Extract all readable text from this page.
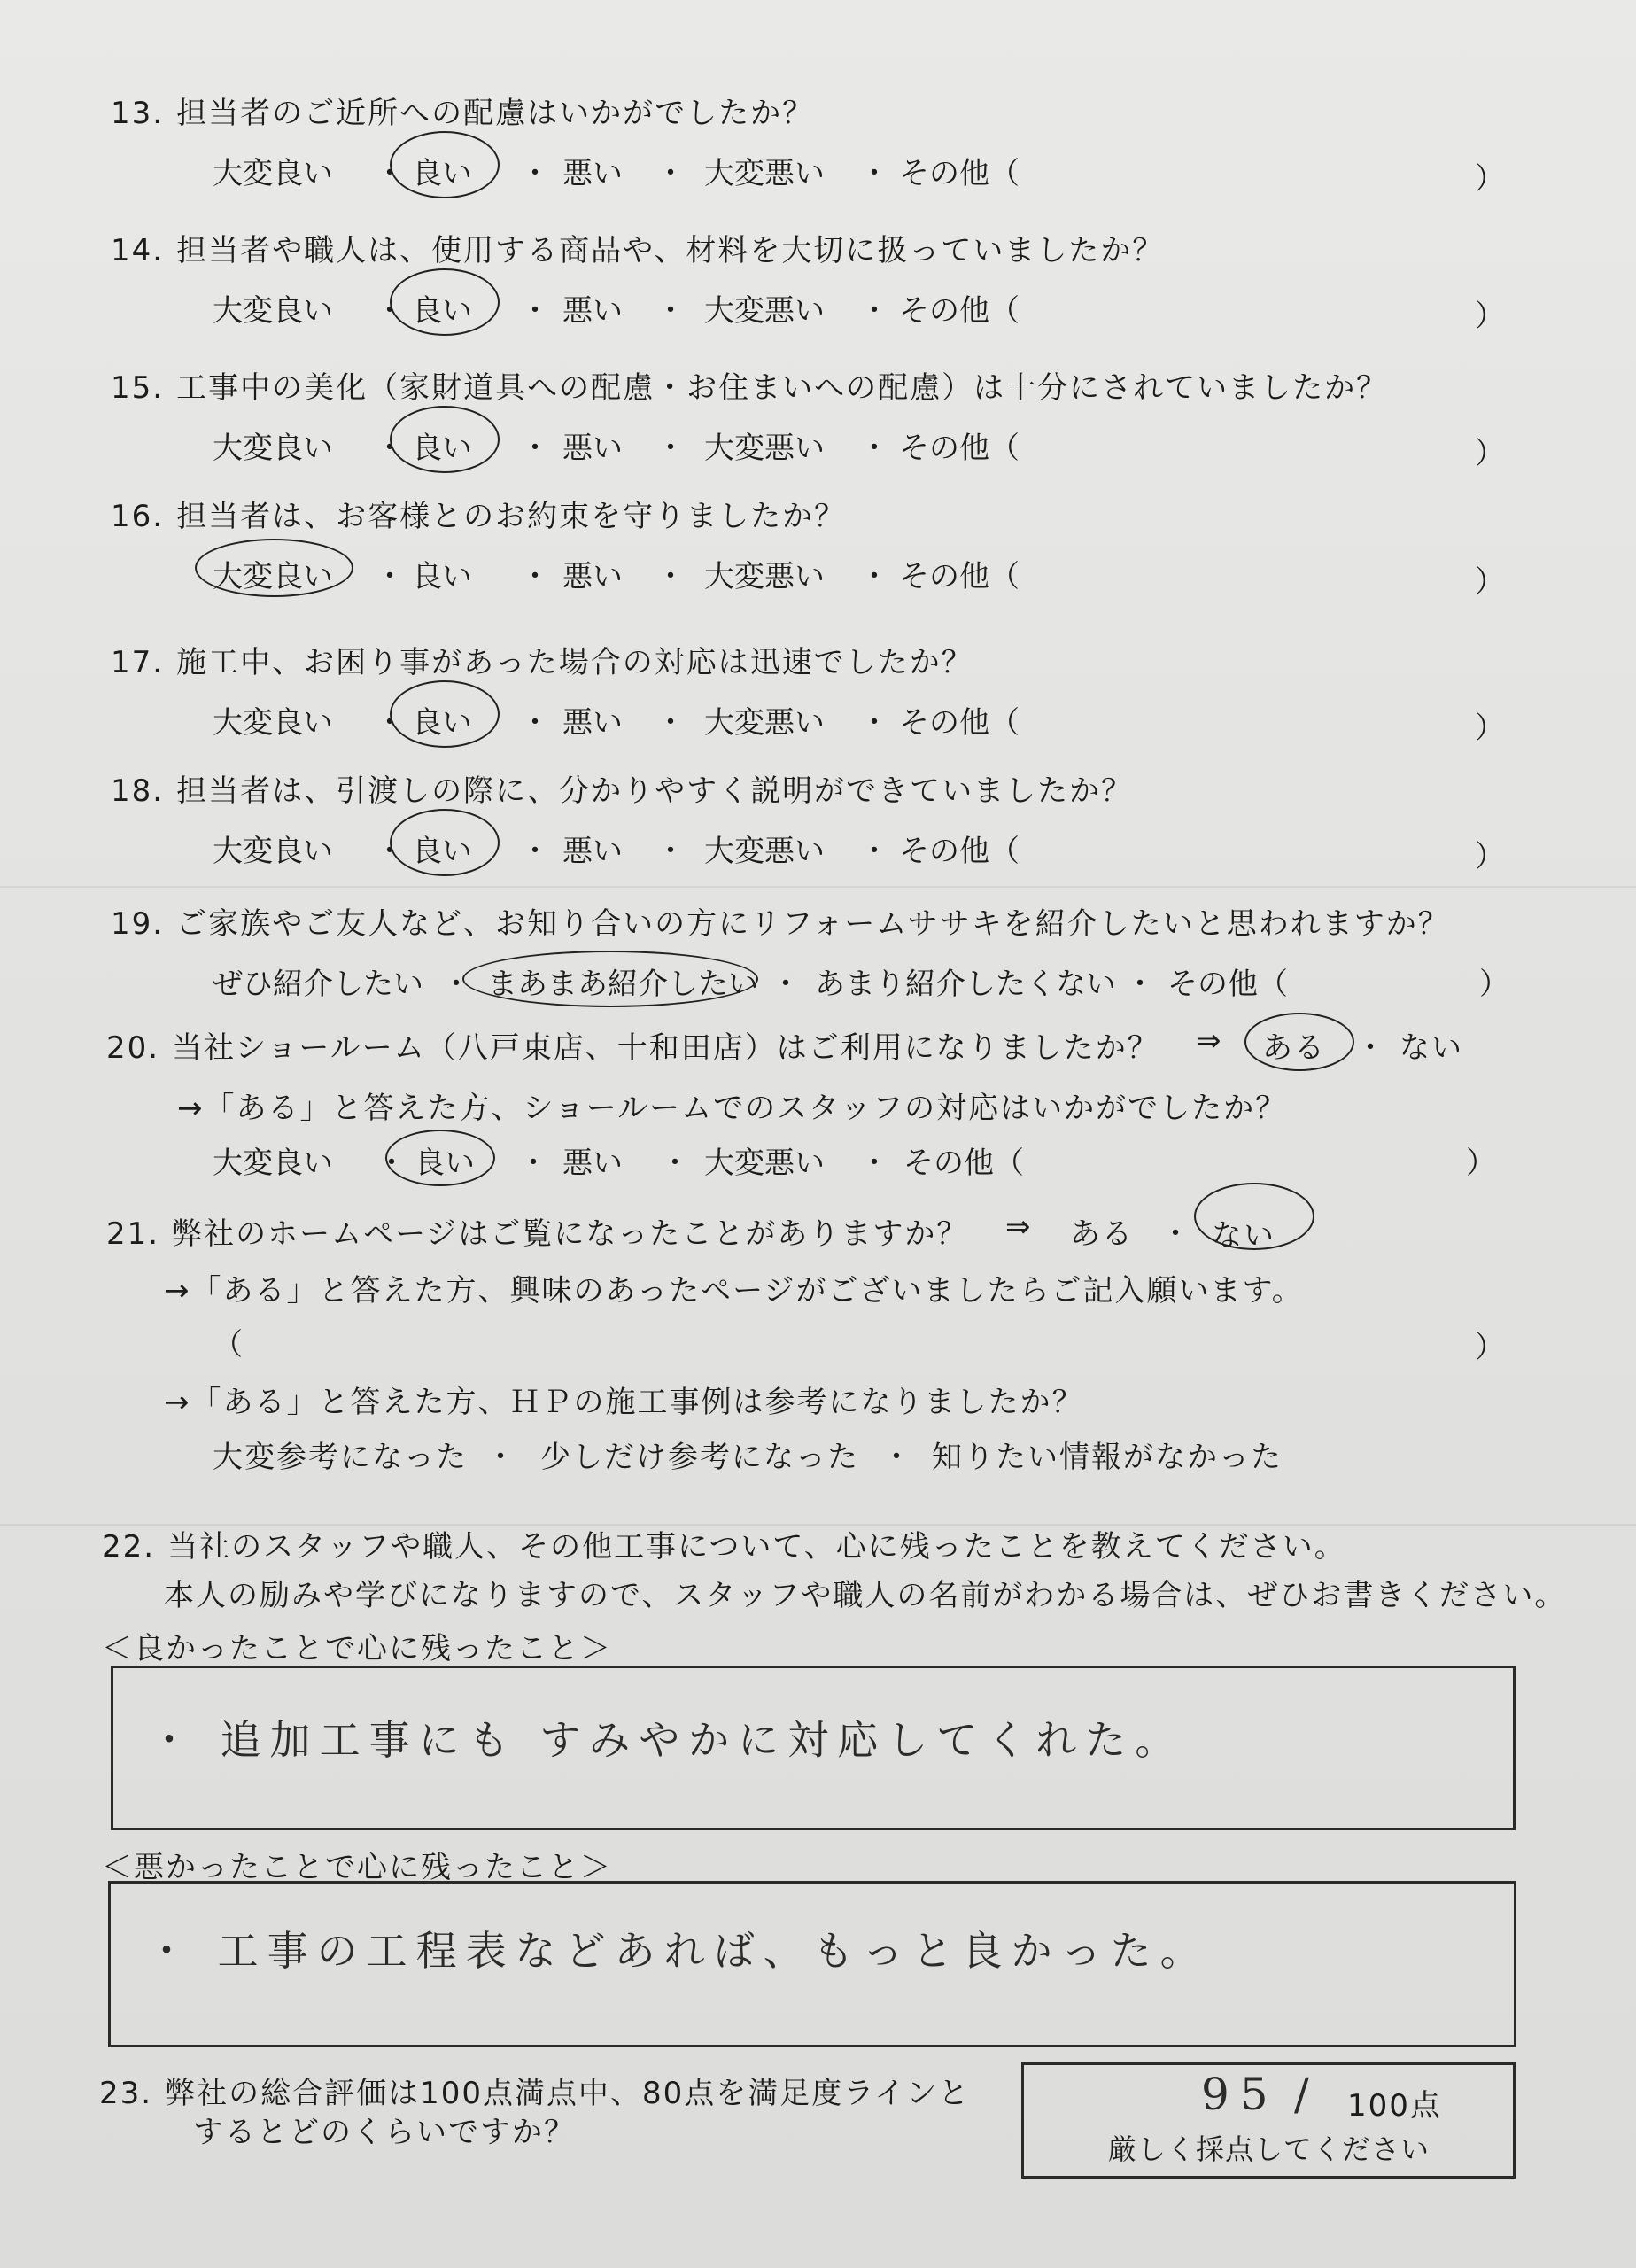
13. 担当者のご近所への配慮はいかがでしたか？
大変良い ・ 良い ・ 悪い ・ 大変悪い ・ その他（	）
14. 担当者や職人は、使用する商品や、材料を大切に扱っていましたか？
大変良い ・ 良い ・ 悪い ・ 大変悪い ・ その他（	）
15. 工事中の美化（家財道具への配慮・お住まいへの配慮）は十分にされていましたか？
大変良い ・ 良い ・ 悪い ・ 大変悪い ・ その他（	）
16. 担当者は、お客様とのお約束を守りましたか？
大変良い ・ 良い ・ 悪い ・ 大変悪い ・ その他（	）
17. 施工中、お困り事があった場合の対応は迅速でしたか？
大変良い ・ 良い ・ 悪い ・ 大変悪い ・ その他（	）
18. 担当者は、引渡しの際に、分かりやすく説明ができていましたか？
大変良い ・ 良い ・ 悪い ・ 大変悪い ・ その他（	）
19. ご家族やご友人など、お知り合いの方にリフォームササキを紹介したいと思われますか？
ぜひ紹介したい ・ まあまあ紹介したい ・ あまり紹介したくない ・ その他（	）
20. 当社ショールーム（八戸東店、十和田店）はご利用になりましたか？ ⇒ ある ・ ない
→「ある」と答えた方、ショールームでのスタッフの対応はいかがでしたか？
大変良い ・ 良い ・ 悪い ・ 大変悪い ・ その他（	）
21. 弊社のホームページはご覧になったことがありますか？ ⇒ ある ・ ない
→「ある」と答えた方、興味のあったページがございましたらご記入願います。
（	）
→「ある」と答えた方、ＨＰの施工事例は参考になりましたか？
大変参考になった ・ 少しだけ参考になった ・ 知りたい情報がなかった
22. 当社のスタッフや職人、その他工事について、心に残ったことを教えてください。
本人の励みや学びになりますので、スタッフや職人の名前がわかる場合は、ぜひお書きください。
＜良かったことで心に残ったこと＞
・ 追加工事にも すみやかに対応してくれた。
＜悪かったことで心に残ったこと＞
・ 工事の工程表などあれば、もっと良かった。
23. 弊社の総合評価は100点満点中、80点を満足度ラインと
するとどのくらいですか？
95 / 100点
厳しく採点してください
